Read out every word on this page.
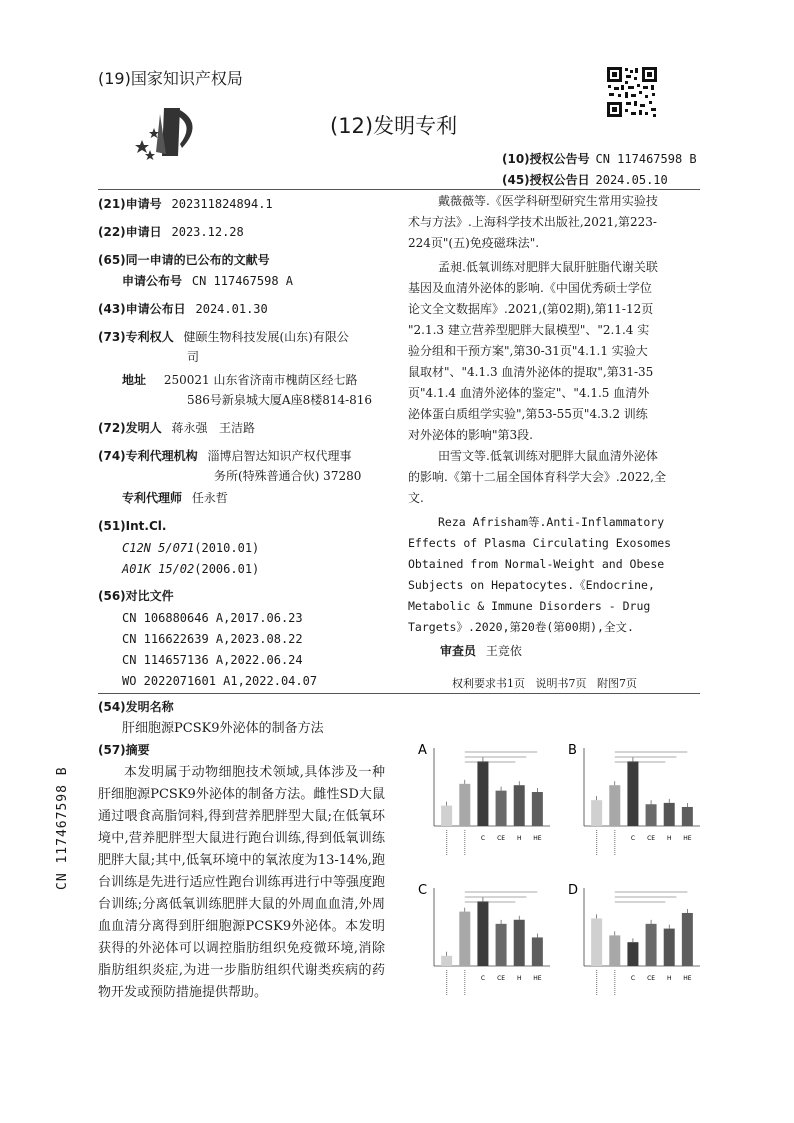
(19)国家知识产权局
(12)发明专利
(10)授权公告号 CN 117467598 B
(45)授权公告日 2024.05.10
(21)申请号 202311824894.1
(22)申请日 2023.12.28
(65)同一申请的已公布的文献号
申请公布号 CN 117467598 A
(43)申请公布日 2024.01.30
(73)专利权人 健颐生物科技发展(山东)有限公
司
地址 250021 山东省济南市槐荫区经七路
586号新泉城大厦A座8楼814-816
(72)发明人 蒋永强   王洁路
(74)专利代理机构 淄博启智达知识产权代理事
务所(特殊普通合伙) 37280
专利代理师 任永哲
(51)Int.Cl.
C12N 5/071(2010.01)
A01K 15/02(2006.01)
(56)对比文件
CN 106880646 A,2017.06.23
CN 116622639 A,2023.08.22
CN 114657136 A,2022.06.24
WO 2022071601 A1,2022.04.07
戴薇薇等.《医学科研型研究生常用实验技
术与方法》.上海科学技术出版社,2021,第223-
224页"(五)免疫磁珠法".
孟昶.低氧训练对肥胖大鼠肝脏脂代谢关联
基因及血清外泌体的影响.《中国优秀硕士学位
论文全文数据库》.2021,(第02期),第11-12页
"2.1.3 建立营养型肥胖大鼠模型"、"2.1.4 实
验分组和干预方案",第30-31页"4.1.1 实验大
鼠取材"、"4.1.3 血清外泌体的提取",第31-35
页"4.1.4 血清外泌体的鉴定"、"4.1.5 血清外
泌体蛋白质组学实验",第53-55页"4.3.2 训练
对外泌体的影响"第3段.
田雪文等.低氧训练对肥胖大鼠血清外泌体
的影响.《第十二届全国体育科学大会》.2022,全
文.
Reza Afrisham等.Anti-Inflammatory
Effects of Plasma Circulating Exosomes
Obtained from Normal-Weight and Obese
Subjects on Hepatocytes.《Endocrine,
Metabolic & Immune Disorders - Drug
Targets》.2020,第20卷(第00期),全文.
审查员 王竞依
权利要求书1页   说明书7页   附图7页
(54)发明名称
肝细胞源PCSK9外泌体的制备方法
(57)摘要
本发明属于动物细胞技术领域,具体涉及一种肝细胞源PCSK9外泌体的制备方法。雌性SD大鼠通过喂食高脂饲料,得到营养肥胖型大鼠;在低氧环境中,营养肥胖型大鼠进行跑台训练,得到低氧训练肥胖大鼠;其中,低氧环境中的氧浓度为13-14%,跑台训练是先进行适应性跑台训练再进行中等强度跑台训练;分离低氧训练肥胖大鼠的外周血血清,外周血血清分离得到肝细胞源PCSK9外泌体。本发明获得的外泌体可以调控脂肪组织免疫微环境,消除脂肪组织炎症,为进一步脂肪组织代谢类疾病的药物开发或预防措施提供帮助。
CN 117467598 B
A
C CE H HE
B
C CE H HE
C
C CE H HE
D
C CE H HE
